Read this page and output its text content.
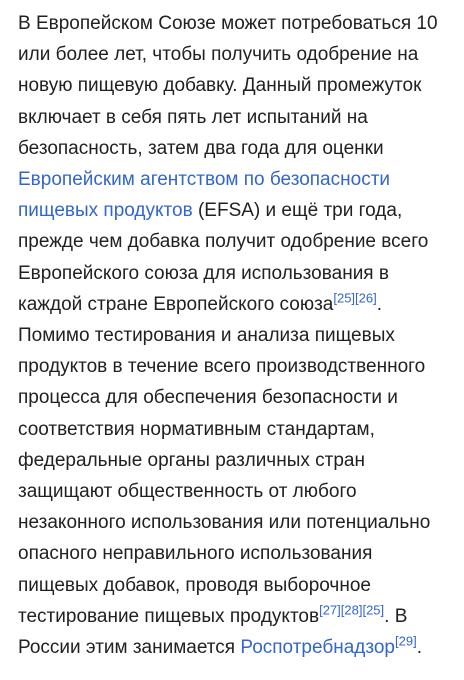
В Европейском Союзе может потребоваться 10 или более лет, чтобы получить одобрение на новую пищевую добавку. Данный промежуток включает в себя пять лет испытаний на безопасность, затем два года для оценки Европейским агентством по безопасности пищевых продуктов (EFSA) и ещё три года, прежде чем добавка получит одобрение всего Европейского союза для использования в каждой стране Европейского союза[25][26]. Помимо тестирования и анализа пищевых продуктов в течение всего производственного процесса для обеспечения безопасности и соответствия нормативным стандартам, федеральные органы различных стран защищают общественность от любого незаконного использования или потенциально опасного неправильного использования пищевых добавок, проводя выборочное тестирование пищевых продуктов[27][28][25]. В России этим занимается Роспотребнадзор[29].
